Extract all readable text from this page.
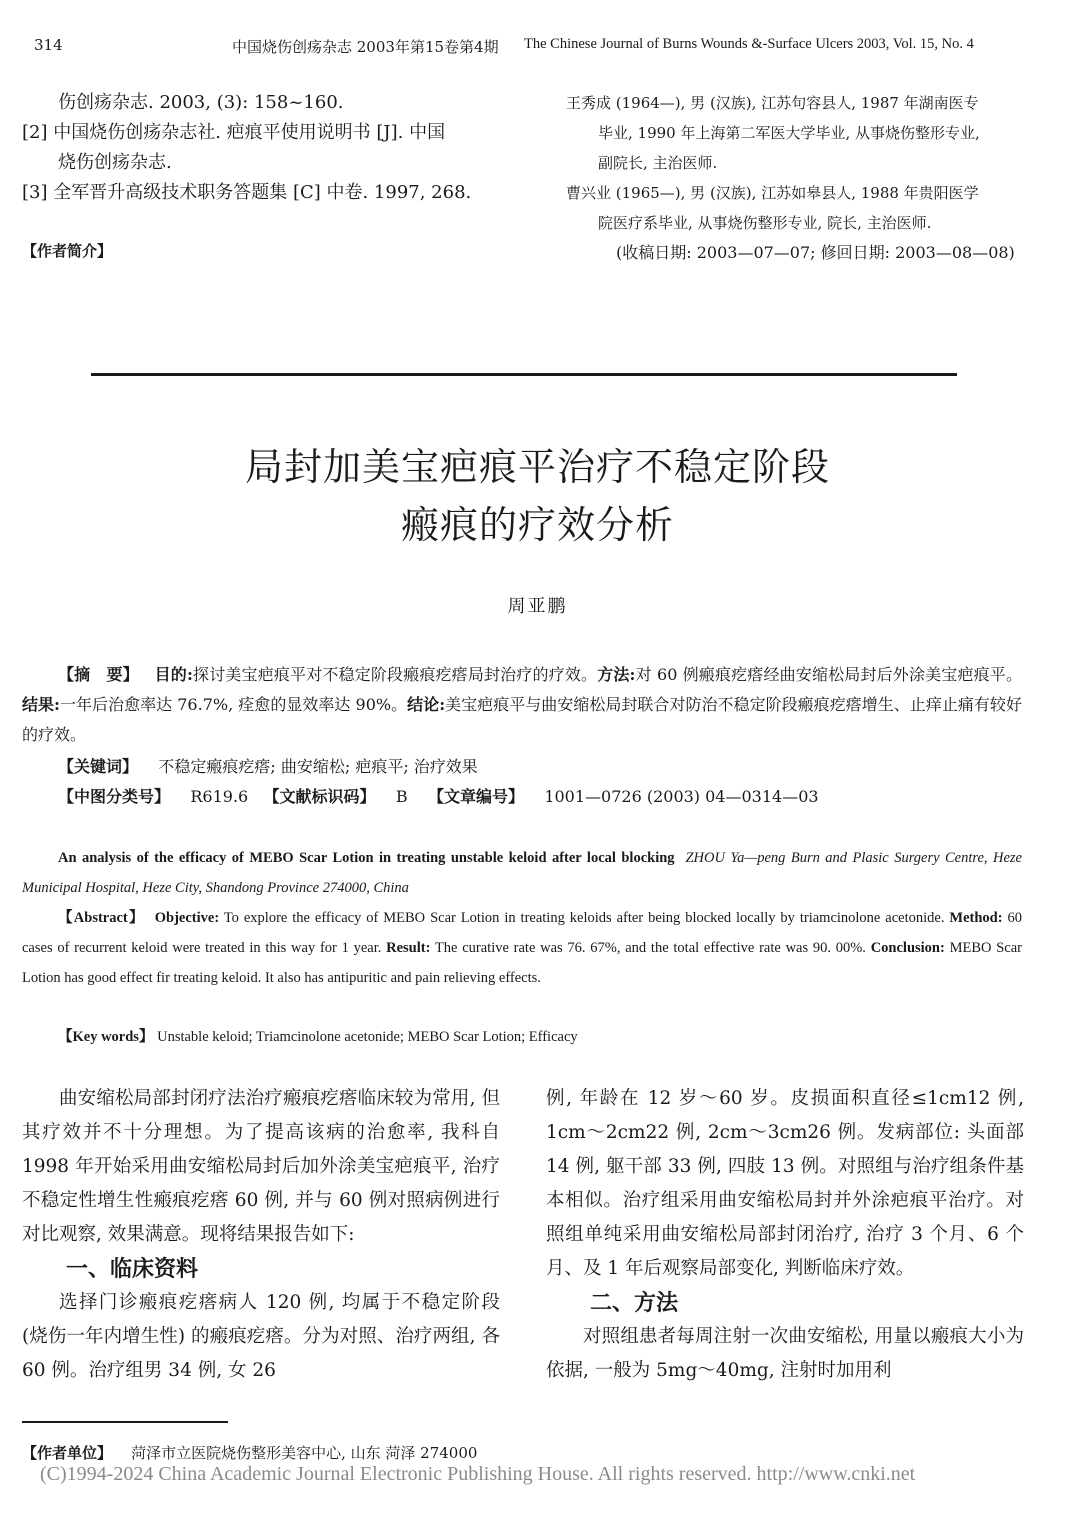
314	中国烧伤创疡杂志 2003年第15卷第4期 The Chinese Journal of Burns Wounds &-Surface Ulcers 2003, Vol. 15, No. 4
伤创疡杂志. 2003, (3): 158~160.
[2] 中国烧伤创疡杂志社. 疤痕平使用说明书 [J]. 中国
烧伤创疡杂志.
[3] 全军晋升高级技术职务答题集 [C] 中卷. 1997, 268.
【作者简介】
王秀成 (1964—), 男 (汉族), 江苏句容县人, 1987 年湖南医专
毕业, 1990 年上海第二军医大学毕业, 从事烧伤整形专业,
副院长, 主治医师.
曹兴业 (1965—), 男 (汉族), 江苏如皋县人, 1988 年贵阳医学
院医疗系毕业, 从事烧伤整形专业, 院长, 主治医师.
(收稿日期: 2003—07—07; 修回日期: 2003—08—08)
局封加美宝疤痕平治疗不稳定阶段
瘢痕的疗效分析
周亚鹏
【摘　要】 目的:探讨美宝疤痕平对不稳定阶段瘢痕疙瘩局封治疗的疗效。方法:对 60 例瘢痕疙瘩经曲安缩松局封后外涂美宝疤痕平。结果:一年后治愈率达 76.7%, 痊愈的显效率达 90%。结论:美宝疤痕平与曲安缩松局封联合对防治不稳定阶段瘢痕疙瘩增生、止痒止痛有较好的疗效。
【关键词】 不稳定瘢痕疙瘩; 曲安缩松; 疤痕平; 治疗效果
【中图分类号】 R619.6 【文献标识码】 B 【文章编号】 1001—0726 (2003) 04—0314—03
An analysis of the efficacy of MEBO Scar Lotion in treating unstable keloid after local blocking ZHOU Ya—peng Burn and Plasic Surgery Centre, Heze Municipal Hospital, Heze City, Shandong Province 274000, China
【Abstract】 Objective: To explore the efficacy of MEBO Scar Lotion in treating keloids after being blocked locally by triamcinolone acetonide. Method: 60 cases of recurrent keloid were treated in this way for 1 year. Result: The curative rate was 76. 67%, and the total effective rate was 90. 00%. Conclusion: MEBO Scar Lotion has good effect fir treating keloid. It also has antipuritic and pain relieving effects.
【Key words】 Unstable keloid; Triamcinolone acetonide; MEBO Scar Lotion; Efficacy

曲安缩松局部封闭疗法治疗瘢痕疙瘩临床较为常用, 但其疗效并不十分理想。为了提高该病的治愈率, 我科自 1998 年开始采用曲安缩松局封后加外涂美宝疤痕平, 治疗不稳定性增生性瘢痕疙瘩 60 例, 并与 60 例对照病例进行对比观察, 效果满意。现将结果报告如下:

一、临床资料

选择门诊瘢痕疙瘩病人 120 例, 均属于不稳定阶段 (烧伤一年内增生性) 的瘢痕疙瘩。分为对照、治疗两组, 各 60 例。治疗组男 34 例, 女 26

例, 年龄在 12 岁～60 岁。皮损面积直径≤1cm12 例, 1cm～2cm22 例, 2cm～3cm26 例。发病部位: 头面部 14 例, 躯干部 33 例, 四肢 13 例。对照组与治疗组条件基本相似。治疗组采用曲安缩松局封并外涂疤痕平治疗。对照组单纯采用曲安缩松局部封闭治疗, 治疗 3 个月、6 个月、及 1 年后观察局部变化, 判断临床疗效。

二、方法

对照组患者每周注射一次曲安缩松, 用量以瘢痕大小为依据, 一般为 5mg～40mg, 注射时加用利

【作者单位】 菏泽市立医院烧伤整形美容中心, 山东 菏泽 274000
(C)1994-2024 China Academic Journal Electronic Publishing House. All rights reserved. http://www.cnki.net
